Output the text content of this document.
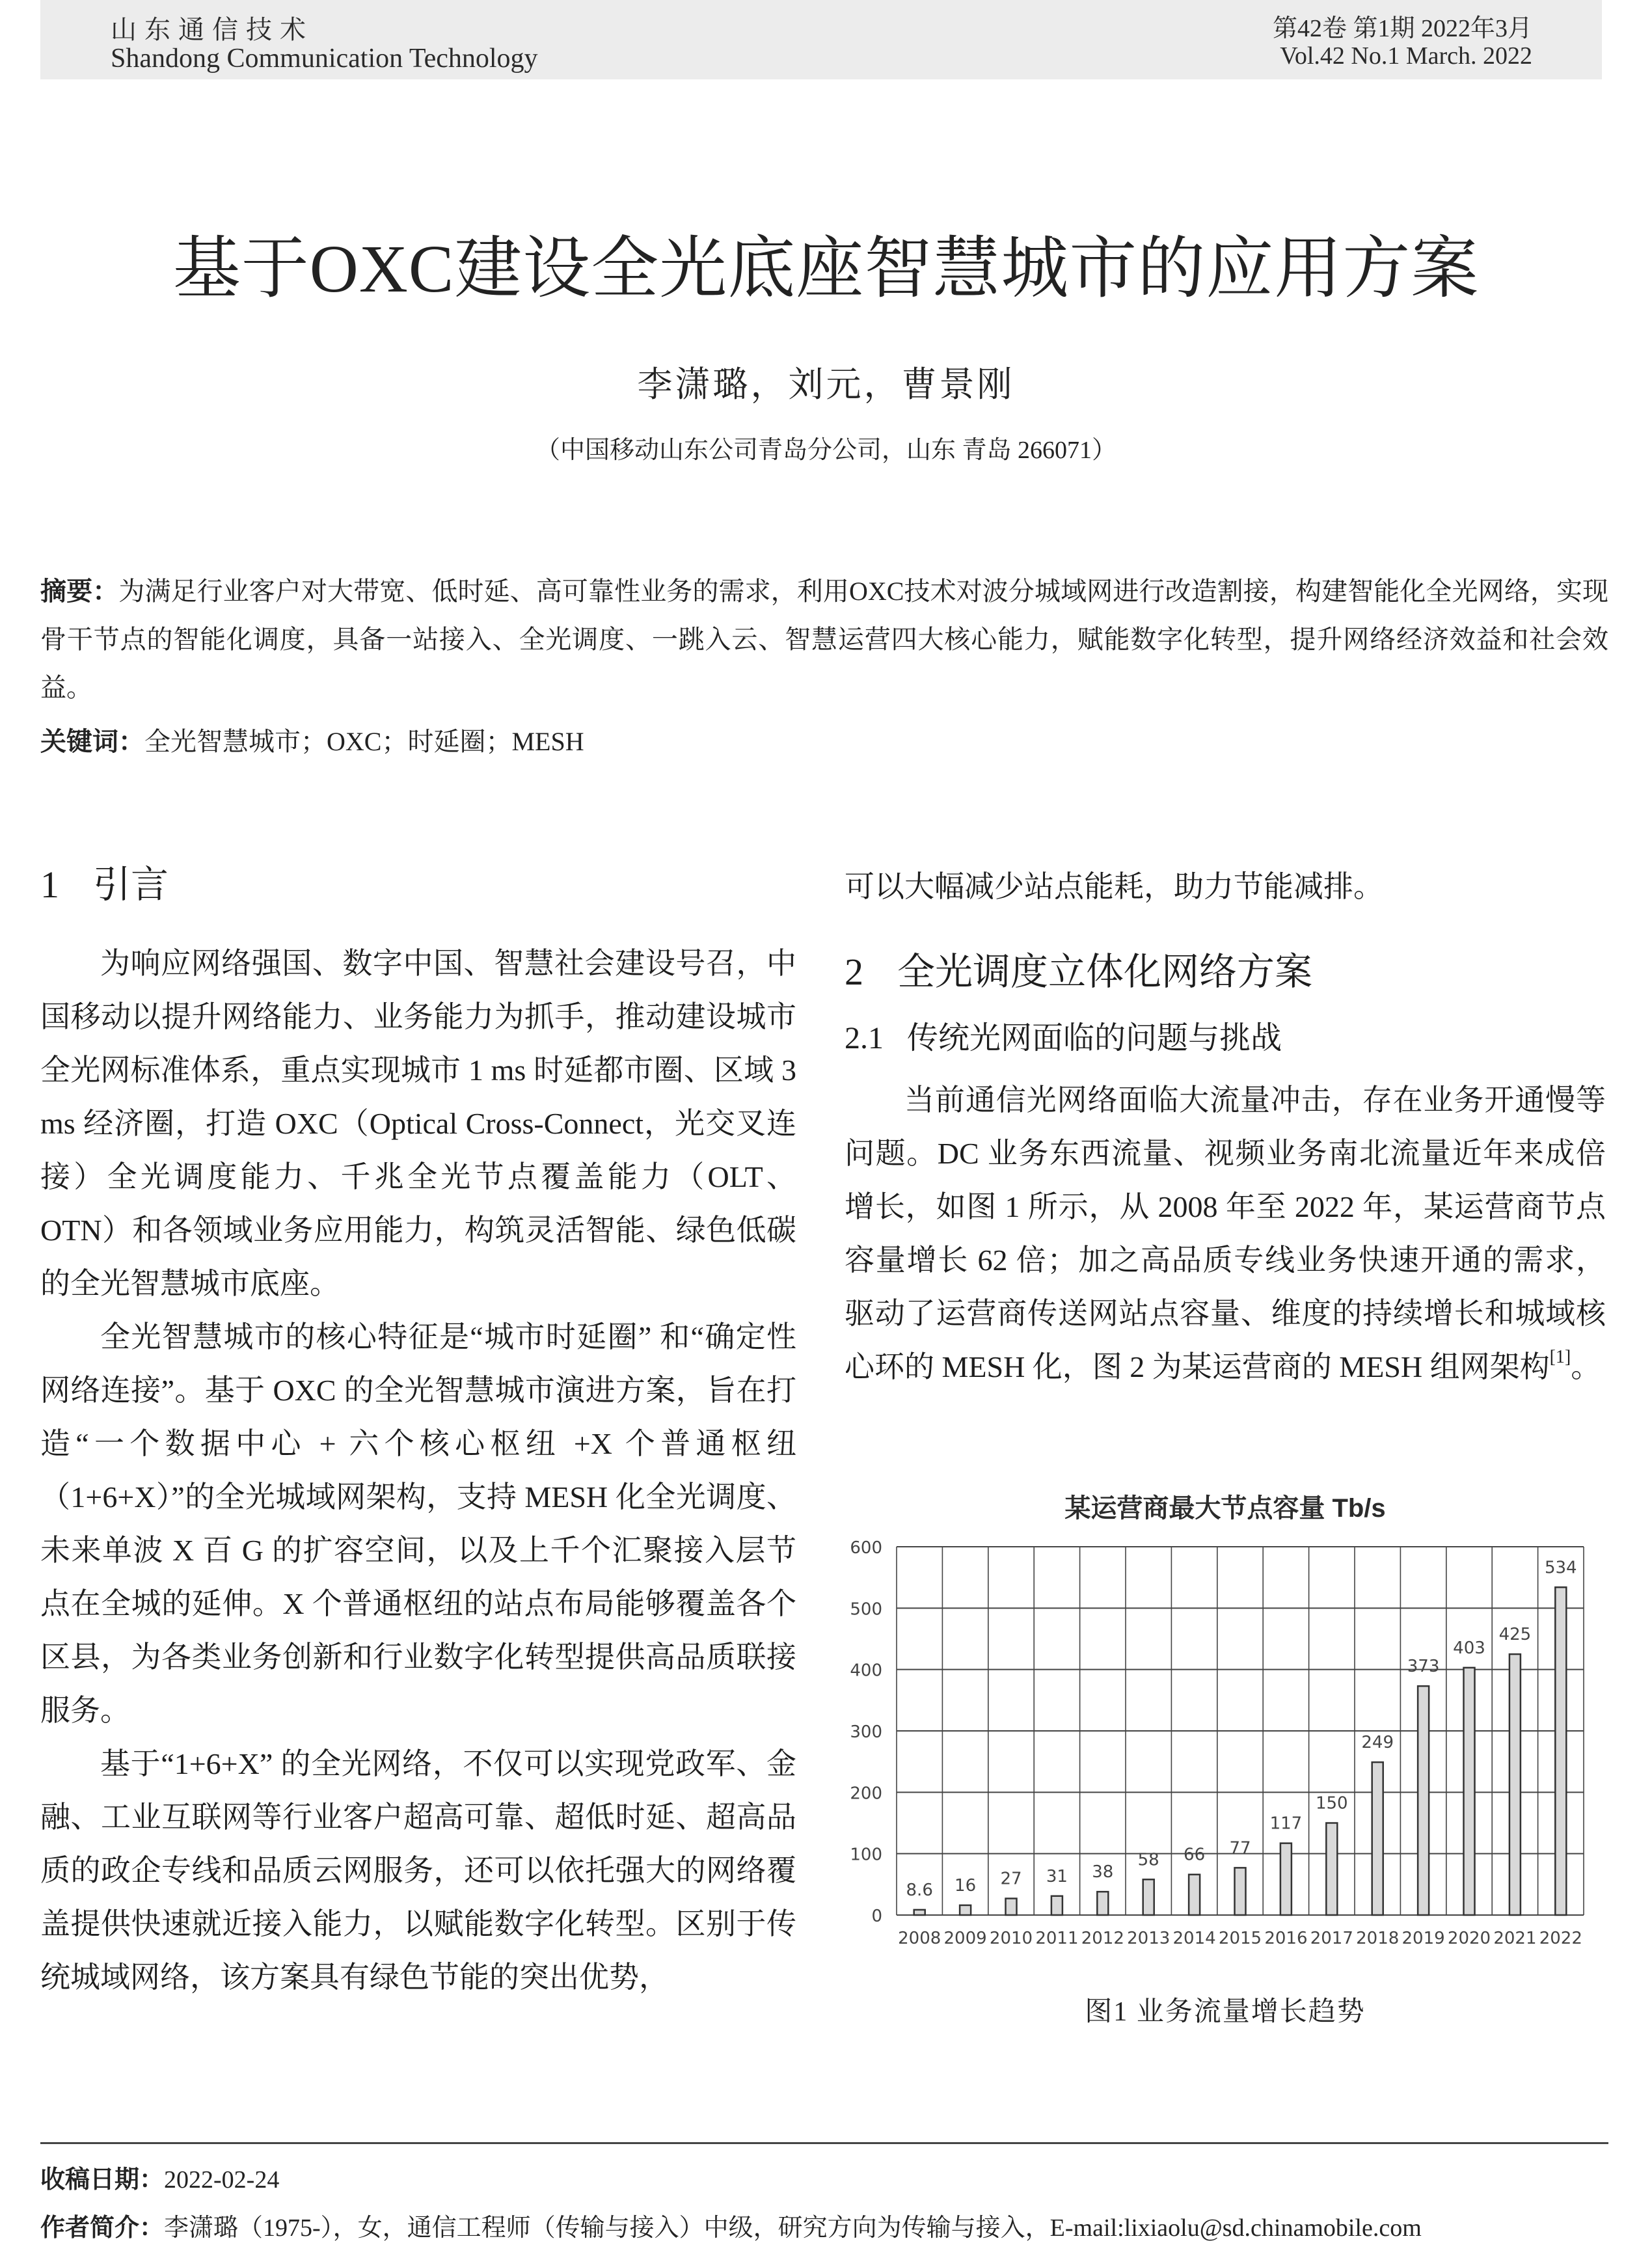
山东通信技术
Shandong Communication Technology
第42卷 第1期 2022年3月
Vol.42 No.1 March. 2022
基于OXC建设全光底座智慧城市的应用方案
李潇璐，刘元，曹景刚
（中国移动山东公司青岛分公司，山东 青岛 266071）
摘要：为满足行业客户对大带宽、低时延、高可靠性业务的需求，利用OXC技术对波分城域网进行改造割接，构建智能化全光网络，实现骨干节点的智能化调度，具备一站接入、全光调度、一跳入云、智慧运营四大核心能力，赋能数字化转型，提升网络经济效益和社会效益。
关键词：全光智慧城市；OXC；时延圈；MESH
1 引言

为响应网络强国、数字中国、智慧社会建设号召，中国移动以提升网络能力、业务能力为抓手，推动建设城市全光网标准体系，重点实现城市 1 ms 时延都市圈、区域 3 ms 经济圈，打造 OXC（Optical Cross-Connect，光交叉连接）全光调度能力、千兆全光节点覆盖能力（OLT、OTN）和各领域业务应用能力，构筑灵活智能、绿色低碳的全光智慧城市底座。

全光智慧城市的核心特征是“城市时延圈” 和“确定性网络连接”。基于 OXC 的全光智慧城市演进方案，旨在打造“一个数据中心 + 六个核心枢纽 +X 个普通枢纽（1+6+X）”的全光城域网架构，支持 MESH 化全光调度、未来单波 X 百 G 的扩容空间，以及上千个汇聚接入层节点在全城的延伸。X 个普通枢纽的站点布局能够覆盖各个区县，为各类业务创新和行业数字化转型提供高品质联接服务。

基于“1+6+X” 的全光网络，不仅可以实现党政军、金融、工业互联网等行业客户超高可靠、超低时延、超高品质的政企专线和品质云网服务，还可以依托强大的网络覆盖提供快速就近接入能力，以赋能数字化转型。区别于传统城域网络，该方案具有绿色节能的突出优势，

可以大幅减少站点能耗，助力节能减排。

2 全光调度立体化网络方案
2.1 传统光网面临的问题与挑战

当前通信光网络面临大流量冲击，存在业务开通慢等问题。DC 业务东西流量、视频业务南北流量近年来成倍增长，如图 1 所示，从 2008 年至 2022 年，某运营商节点容量增长 62 倍；加之高品质专线业务快速开通的需求，驱动了运营商传送网站点容量、维度的持续增长和城域核心环的 MESH 化，图 2 为某运营商的 MESH 组网架构[1]。

某运营商最大节点容量 Tb/s
0
100
200
300
400
500
600
8.6
2008
16
2009
27
2010
31
2011
38
2012
58
2013
66
2014
77
2015
117
2016
150
2017
249
2018
373
2019
403
2020
425
2021
534
2022
图1 业务流量增长趋势
收稿日期：2022-02-24
作者简介：李潇璐（1975-），女，通信工程师（传输与接入）中级，研究方向为传输与接入，E-mail:lixiaolu@sd.chinamobile.com
